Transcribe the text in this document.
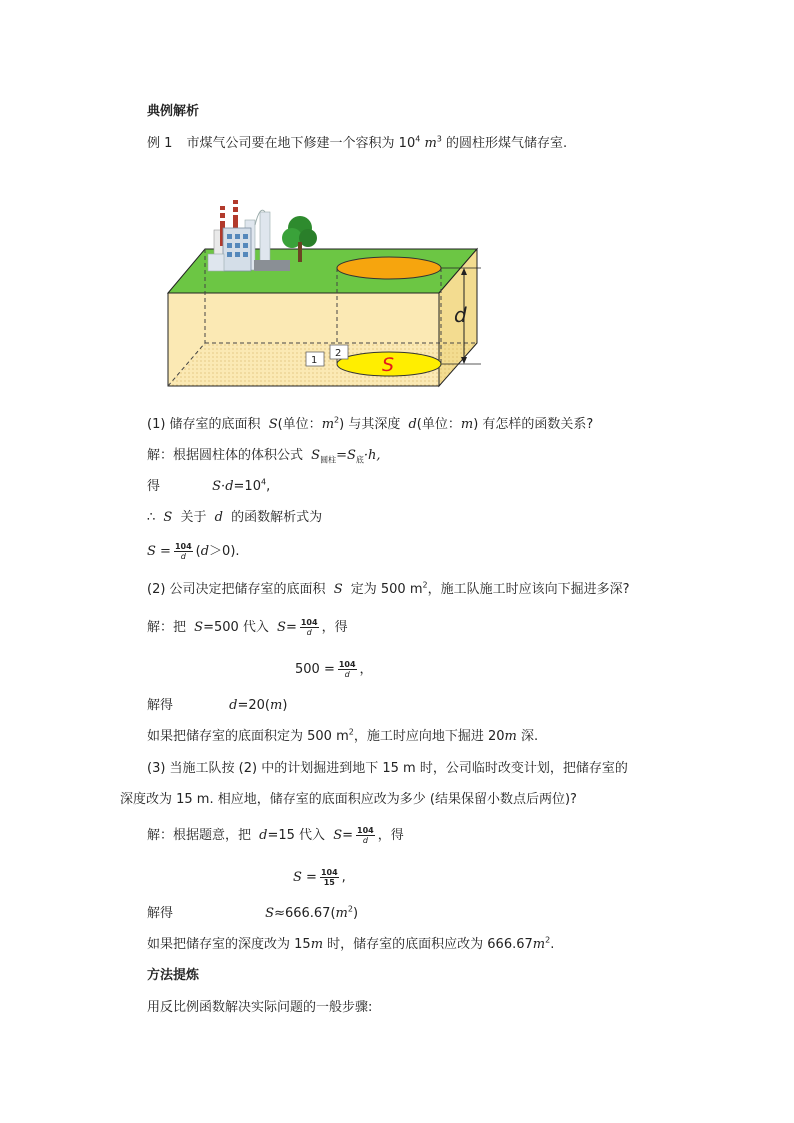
典例解析
例 1 市煤气公司要在地下修建一个容积为 $10^4$ $m^3$ 的圆柱形煤气储存室.
S
1
2
d
(1) 储存室的底面积 S(单位：$m^2$) 与其深度 d(单位：m) 有怎样的函数关系?
解：根据圆柱体的体积公式 $S_{圆柱}=S_底\cdot h$,
得	$S\cdot d=10^4$,
∴ S 关于 d 的函数解析式为
$S = \frac{104}{d} (d>0)$.
(2) 公司决定把储存室的底面积 S 定为 500 $m^2$，施工队施工时应该向下掘进多深?
解：把 S=500 代入 $S= \frac{104}{d}$ ，得
$500 = \frac{104}{d}$ ，
解得	d=20(m)
如果把储存室的底面积定为 500 $m^2$，施工时应向地下掘进 20m 深.
(3) 当施工队按 (2) 中的计划掘进到地下 15 m 时，公司临时改变计划，把储存室的
深度改为 15 m. 相应地，储存室的底面积应改为多少 (结果保留小数点后两位)?
解：根据题意，把 d=15 代入 $S= \frac{104}{d}$ ，得
$S = \frac{104}{15}$ ,
解得	$S\approx 666.67(m^2)$
如果把储存室的深度改为 15m 时，储存室的底面积应改为 $666.67m^2$.
方法提炼
用反比例函数解决实际问题的一般步骤:
